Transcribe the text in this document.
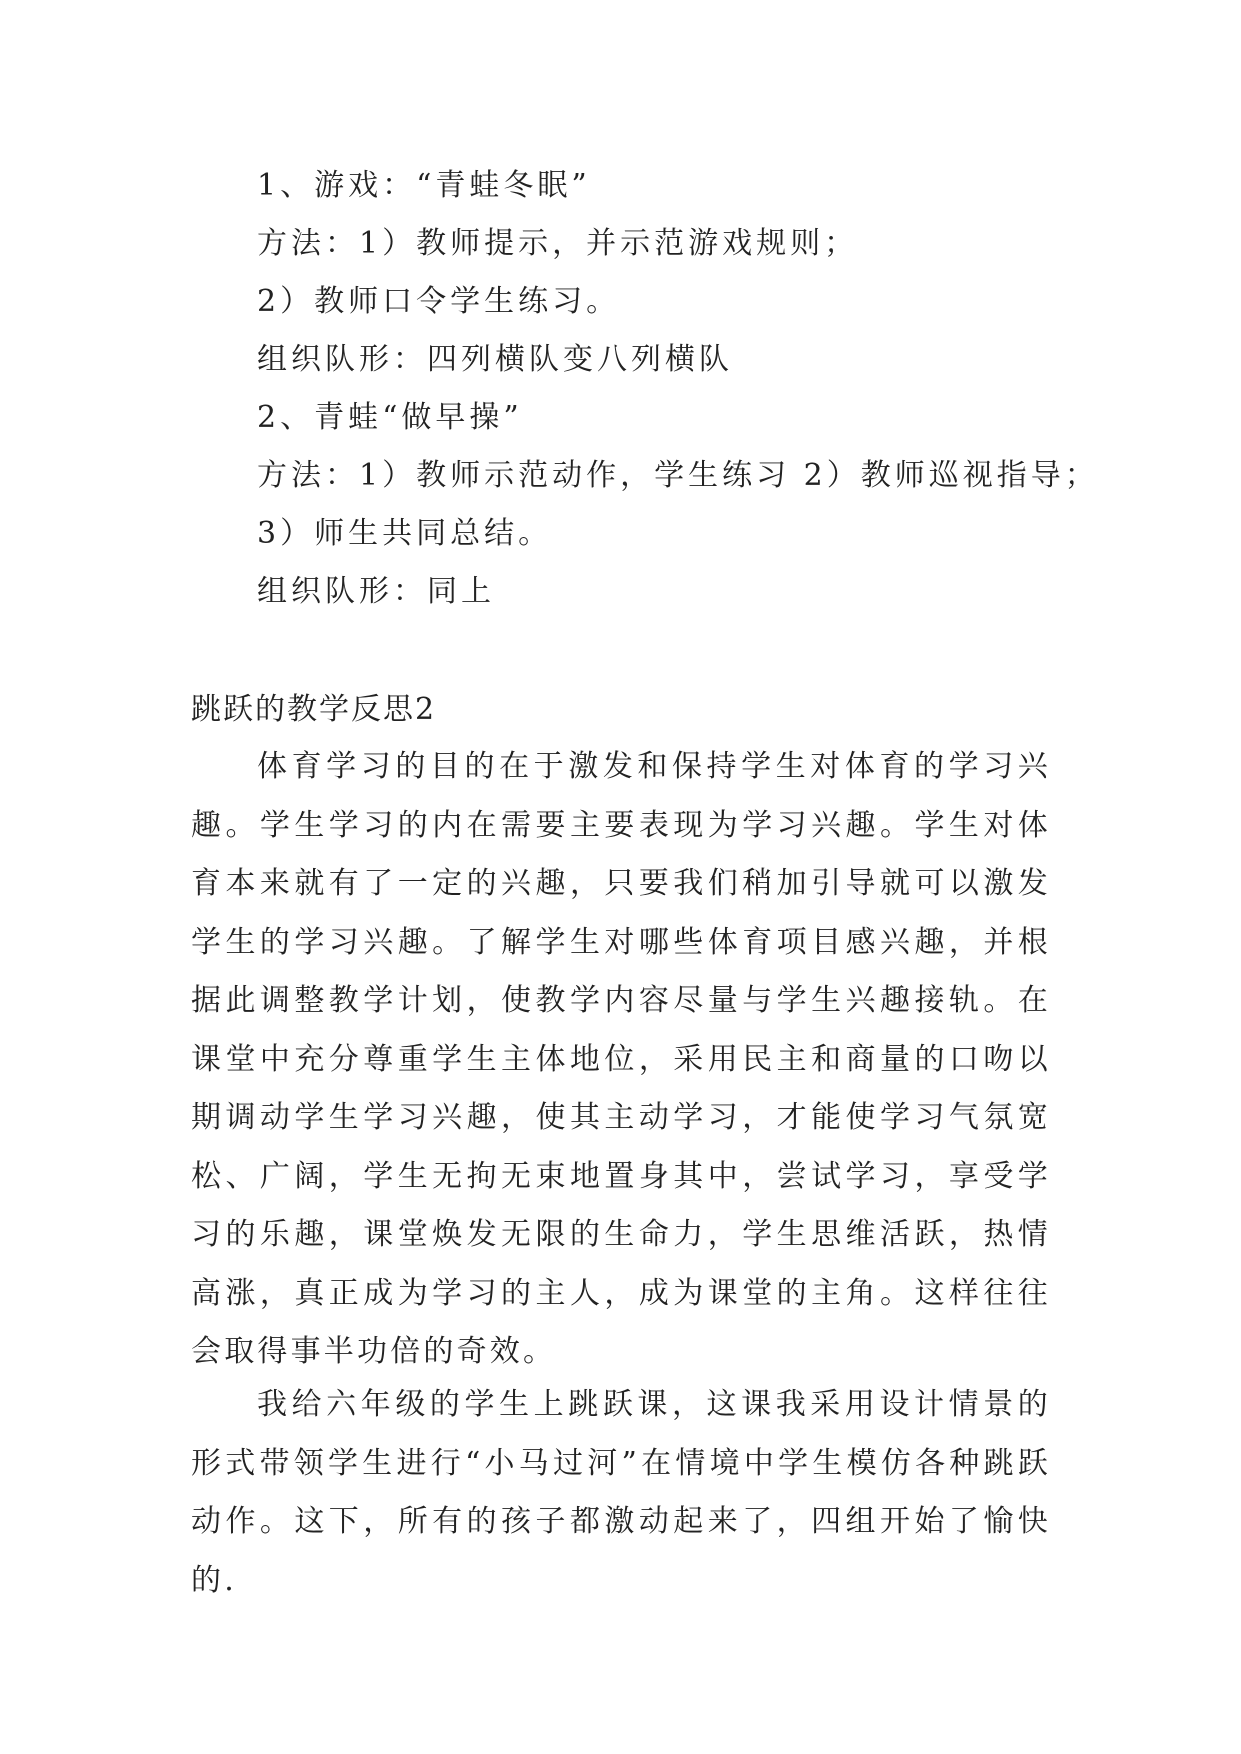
1、游戏：“青蛙冬眠”
方法：1）教师提示，并示范游戏规则；
2）教师口令学生练习。
组织队形：四列横队变八列横队
2、青蛙“做早操”
方法：1）教师示范动作，学生练习 2）教师巡视指导；
3）师生共同总结。
组织队形：同上
跳跃的教学反思2

体育学习的目的在于激发和保持学生对体育的学习兴趣。学生学习的内在需要主要表现为学习兴趣。学生对体育本来就有了一定的兴趣，只要我们稍加引导就可以激发学生的学习兴趣。了解学生对哪些体育项目感兴趣，并根据此调整教学计划，使教学内容尽量与学生兴趣接轨。在课堂中充分尊重学生主体地位，采用民主和商量的口吻以期调动学生学习兴趣，使其主动学习，才能使学习气氛宽松、广阔，学生无拘无束地置身其中，尝试学习，享受学习的乐趣，课堂焕发无限的生命力，学生思维活跃，热情高涨，真正成为学习的主人，成为课堂的主角。这样往往会取得事半功倍的奇效。

我给六年级的学生上跳跃课，这课我采用设计情景的形式带领学生进行“小马过河”在情境中学生模仿各种跳跃动作。这下，所有的孩子都激动起来了，四组开始了愉快的.
